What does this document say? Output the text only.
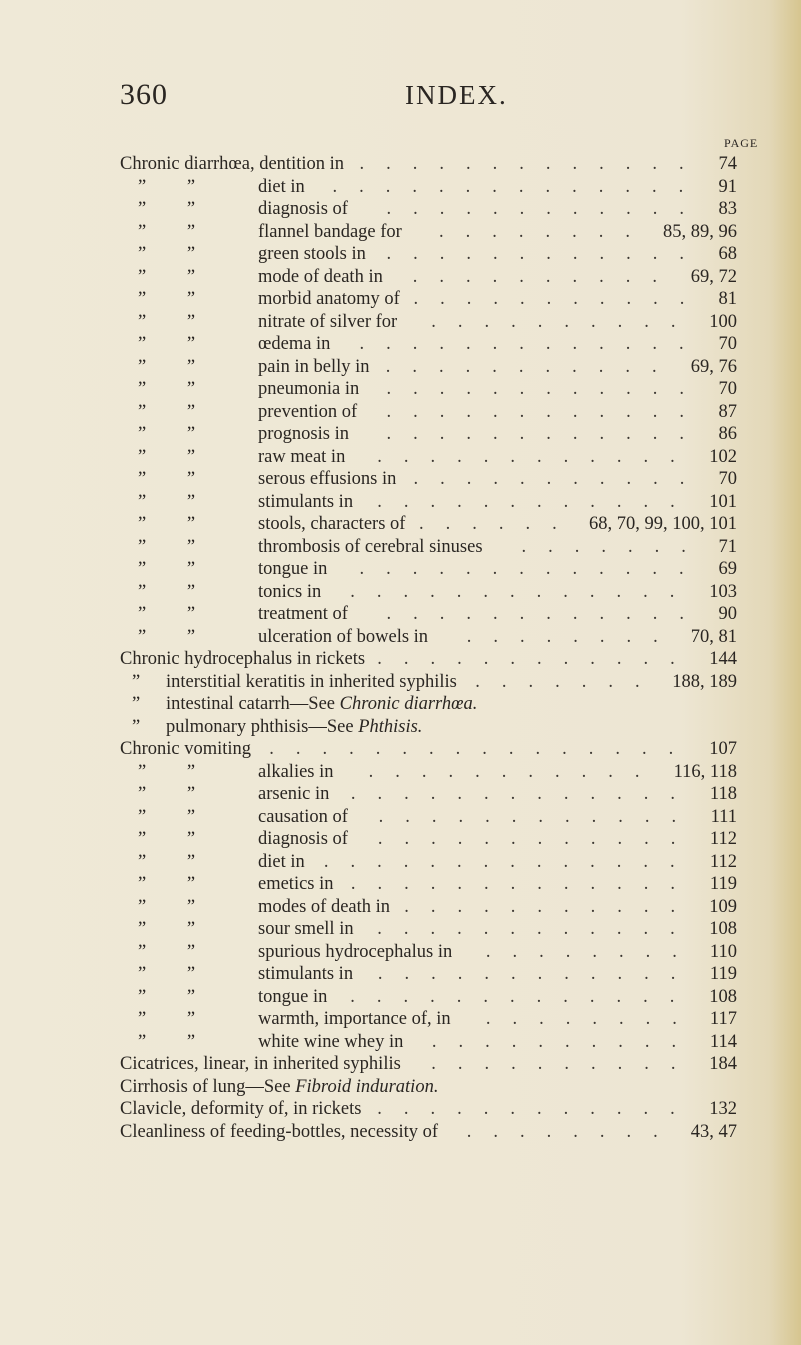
360	INDEX.
PAGE
Chronic diarrhœa, dentition in	74
.............
” ”	diet in	91
..............
” ”	diagnosis of	83
............
” ”	flannel bandage for	85, 89, 96
........
” ”	green stools in	68
............
” ”	mode of death in	69, 72
..........
” ”	morbid anatomy of	81
...........
” ”	nitrate of silver for	100
..........
” ”	œdema in	70
.............
” ”	pain in belly in	69, 76
...........
” ”	pneumonia in	70
............
” ”	prevention of	87
............
” ”	prognosis in	86
............
” ”	raw meat in	102
............
” ”	serous effusions in	70
...........
” ”	stimulants in	101
............
” ”	stools, characters of	68, 70, 99, 100, 101
......
” ”	thrombosis of cerebral sinuses	71
.......
” ”	tongue in	69
.............
” ”	tonics in	103
.............
” ”	treatment of	90
............
” ”	ulceration of bowels in	70, 81
........
Chronic hydrocephalus in rickets	144
............
” interstitial keratitis in inherited syphilis	188, 189
.......
” intestinal catarrh—See Chronic diarrhœa.
” pulmonary phthisis—See Phthisis.
Chronic vomiting	107
................
” ”	alkalies in	116, 118
...........
” ”	arsenic in	118
.............
” ”	causation of	111
............
” ”	diagnosis of	112
............
” ”	diet in	112
..............
” ”	emetics in	119
.............
” ”	modes of death in	109
...........
” ”	sour smell in	108
............
” ”	spurious hydrocephalus in	110
........
” ”	stimulants in	119
............
” ”	tongue in	108
.............
” ”	warmth, importance of, in	117
........
” ”	white wine whey in	114
..........
Cicatrices, linear, in inherited syphilis	184
..........
Cirrhosis of lung—See Fibroid induration.
Clavicle, deformity of, in rickets	132
............
Cleanliness of feeding-bottles, necessity of	43, 47
........
